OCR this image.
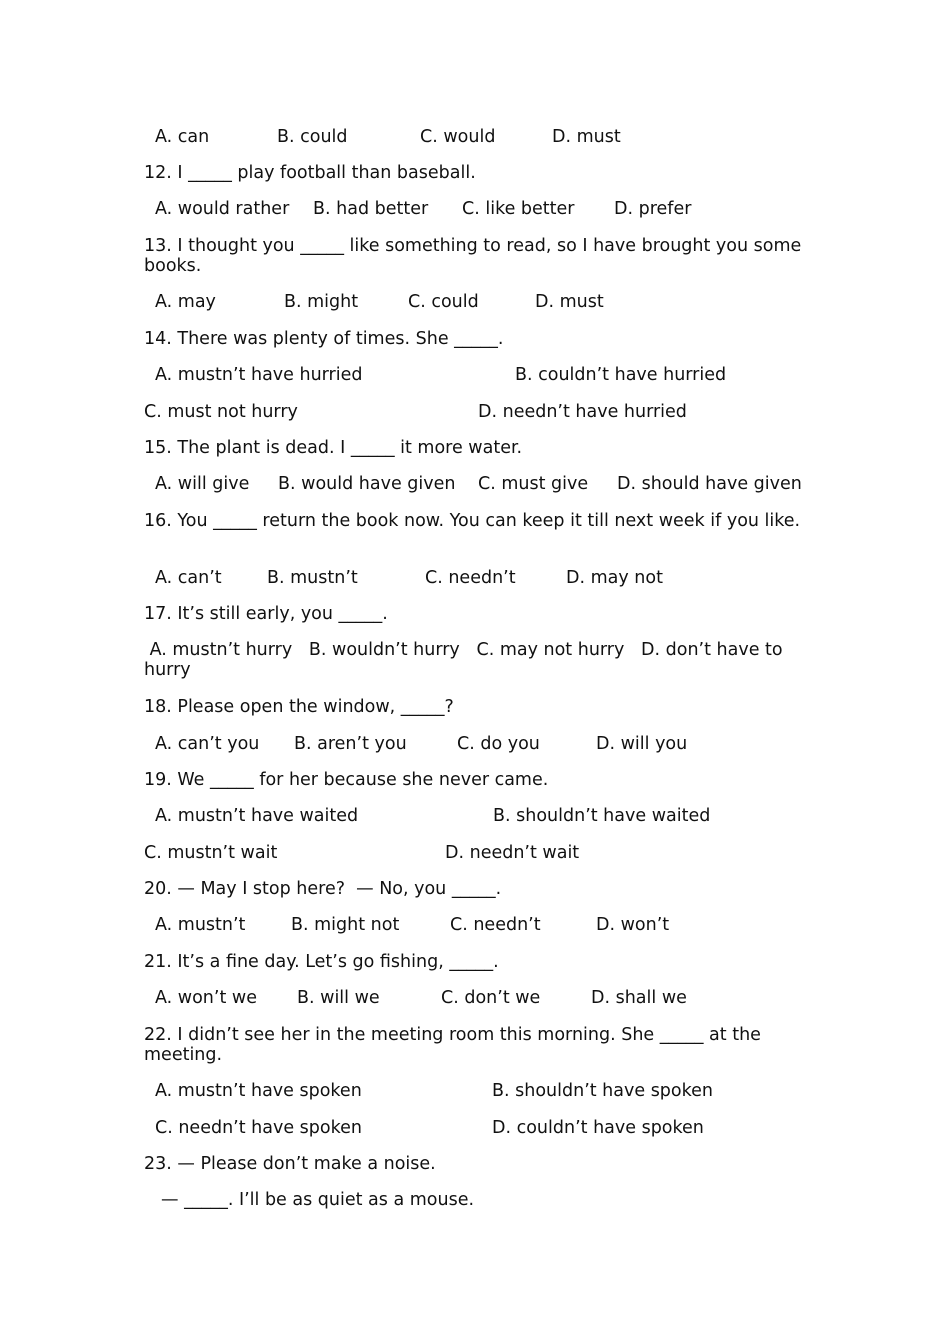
A. can	B. could	C. would	D. must
12. I _____ play football than baseball.
A. would rather B. had better C. like better D. prefer
13. I thought you _____ like something to read, so I have brought you some books.
A. may	B. might	C. could	D. must
14. There was plenty of times. She _____.
A. mustn’t have hurried	B. couldn’t have hurried
C. must not hurry	D. needn’t have hurried
15. The plant is dead. I _____ it more water.
A. will give B. would have given C. must give D. should have given
16. You _____ return the book now. You can keep it till next week if you like.
A. can’t	B. mustn’t	C. needn’t	D. may not
17. It’s still early, you _____.
A. mustn’t hurry   B. wouldn’t hurry   C. may not hurry   D. don’t have to hurry
18. Please open the window, _____?
A. can’t you B. aren’t you	C. do you	D. will you
19. We _____ for her because she never came.
A. mustn’t have waited	B. shouldn’t have waited
C. mustn’t wait	D. needn’t wait
20. — May I stop here?  — No, you _____.
A. mustn’t	B. might not	C. needn’t	D. won’t
21. It’s a fine day. Let’s go fishing, _____.
A. won’t we B. will we	C. don’t we	D. shall we
22. I didn’t see her in the meeting room this morning. She _____ at the meeting.
A. mustn’t have spoken	B. shouldn’t have spoken
C. needn’t have spoken	D. couldn’t have spoken
23. — Please don’t make a noise.
— _____. I’ll be as quiet as a mouse.
